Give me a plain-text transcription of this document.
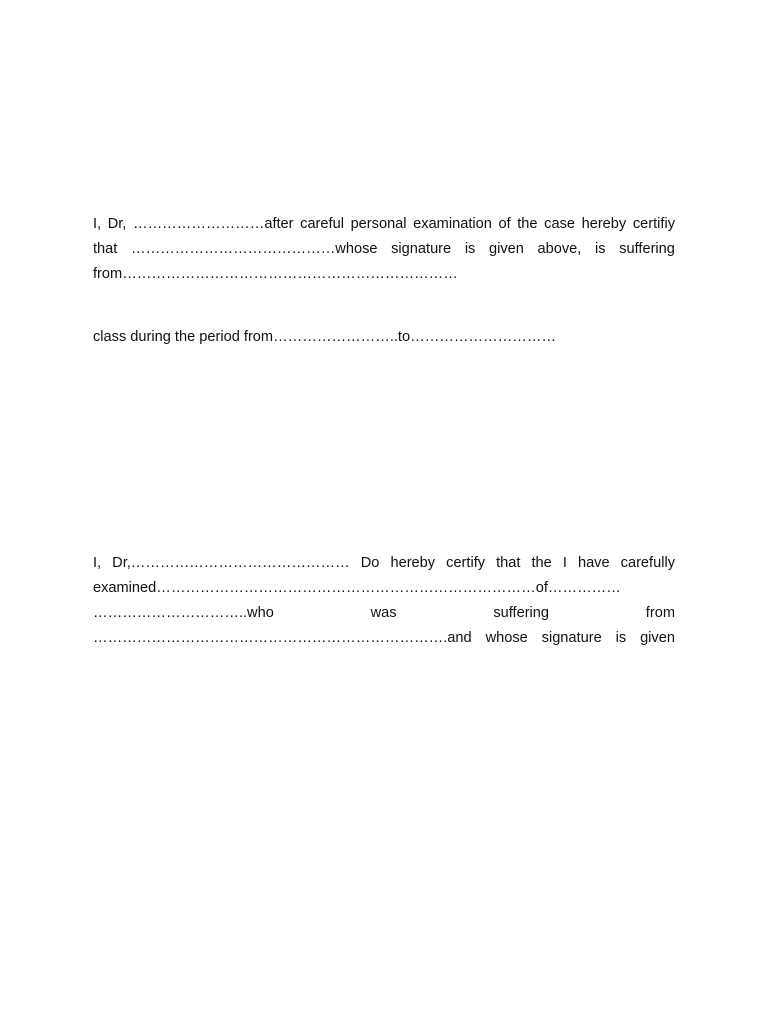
I, Dr, ………………………after careful personal examination of the case hereby certifiy
that ……………………………………whose signature is given above, is suffering
from……………………………………………………………
class during the period from……………………..to…………………………
I, Dr,……………………………………… Do hereby certify that the I have carefully
examined……………………………………………………………………of……………
…………………………..who	was	suffering	from
……………………………………………………………….and whose signature is given
